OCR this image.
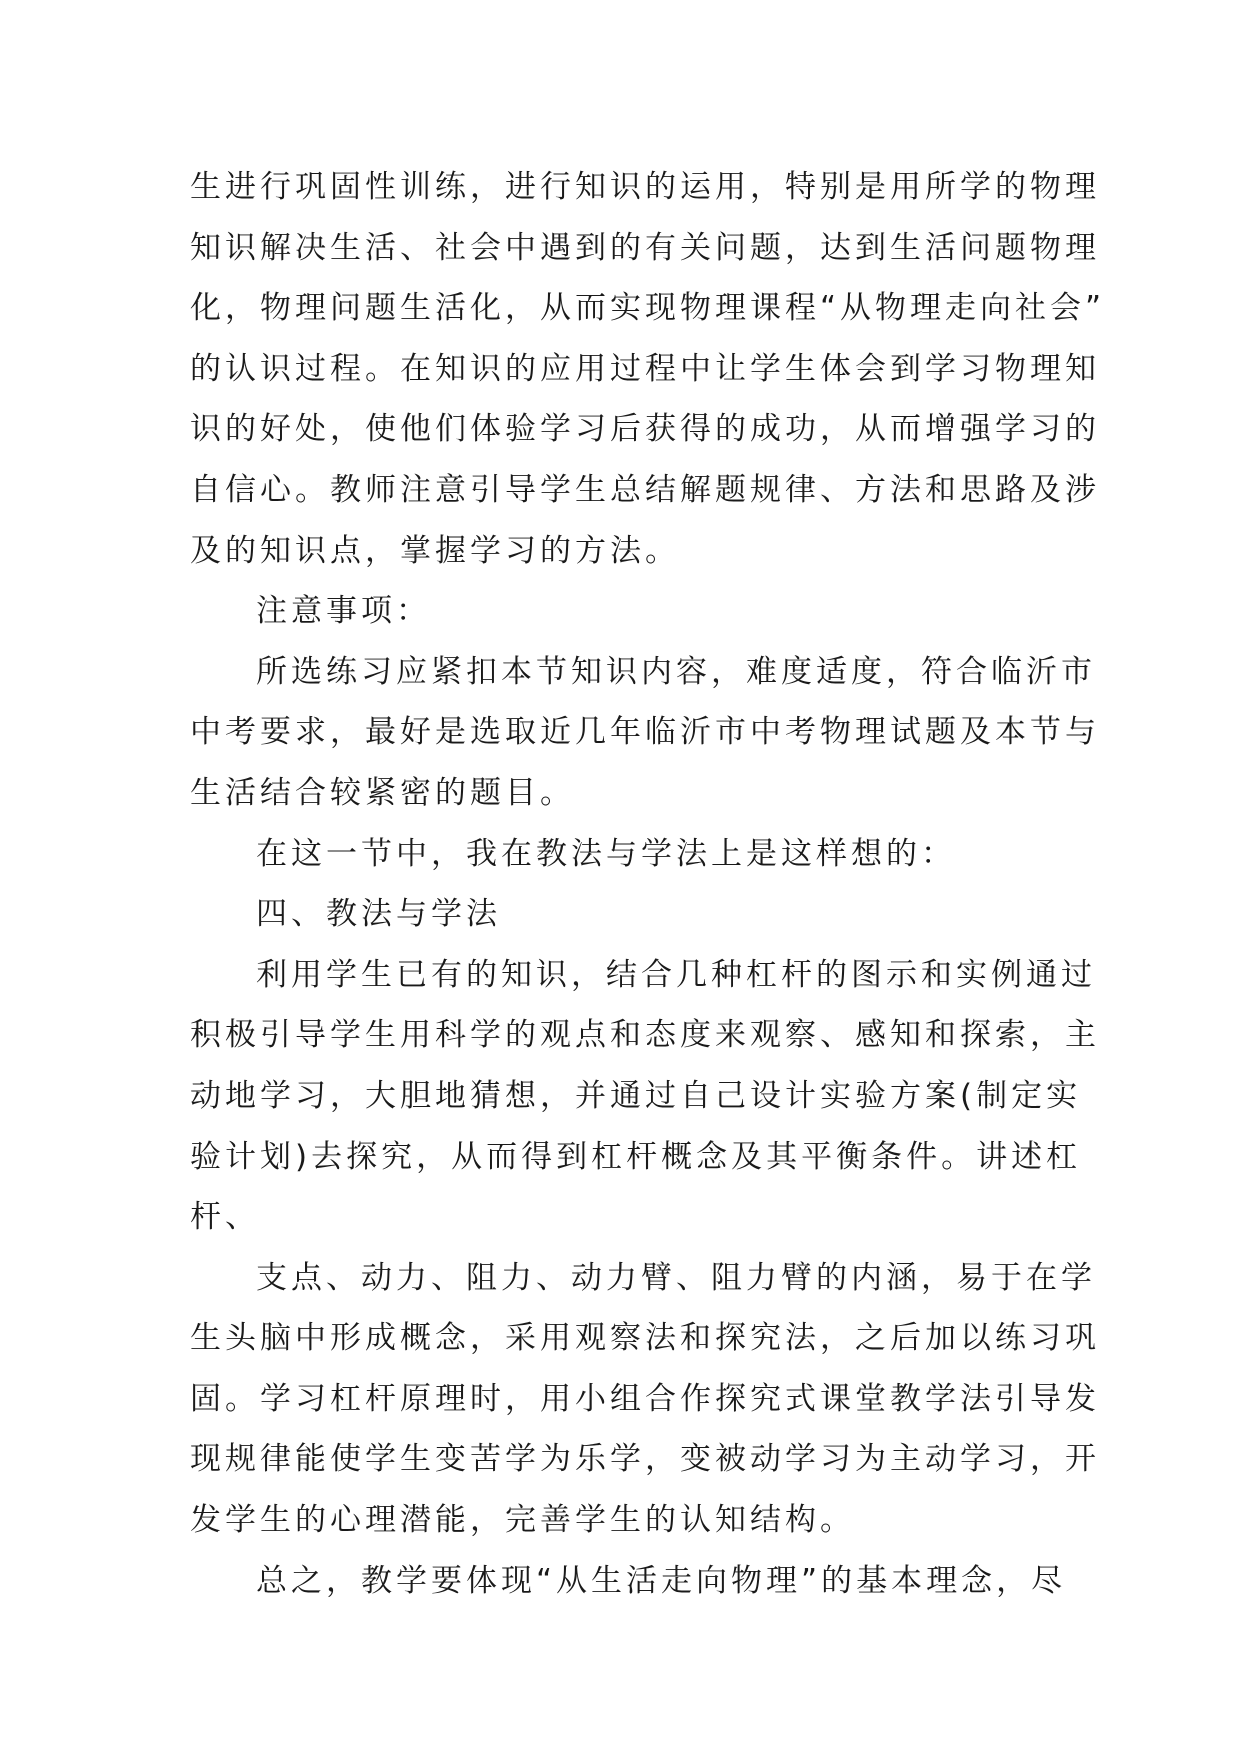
生进行巩固性训练，进行知识的运用，特别是用所学的物理
知识解决生活、社会中遇到的有关问题，达到生活问题物理
化，物理问题生活化，从而实现物理课程“从物理走向社会”
的认识过程。在知识的应用过程中让学生体会到学习物理知
识的好处，使他们体验学习后获得的成功，从而增强学习的
自信心。教师注意引导学生总结解题规律、方法和思路及涉
及的知识点，掌握学习的方法。
注意事项：
所选练习应紧扣本节知识内容，难度适度，符合临沂市
中考要求，最好是选取近几年临沂市中考物理试题及本节与
生活结合较紧密的题目。
在这一节中，我在教法与学法上是这样想的：
四、教法与学法
利用学生已有的知识，结合几种杠杆的图示和实例通过
积极引导学生用科学的观点和态度来观察、感知和探索，主
动地学习，大胆地猜想，并通过自己设计实验方案(制定实
验计划)去探究，从而得到杠杆概念及其平衡条件。讲述杠
杆、
支点、动力、阻力、动力臂、阻力臂的内涵，易于在学
生头脑中形成概念，采用观察法和探究法，之后加以练习巩
固。学习杠杆原理时，用小组合作探究式课堂教学法引导发
现规律能使学生变苦学为乐学，变被动学习为主动学习，开
发学生的心理潜能，完善学生的认知结构。
总之，教学要体现“从生活走向物理”的基本理念，尽
